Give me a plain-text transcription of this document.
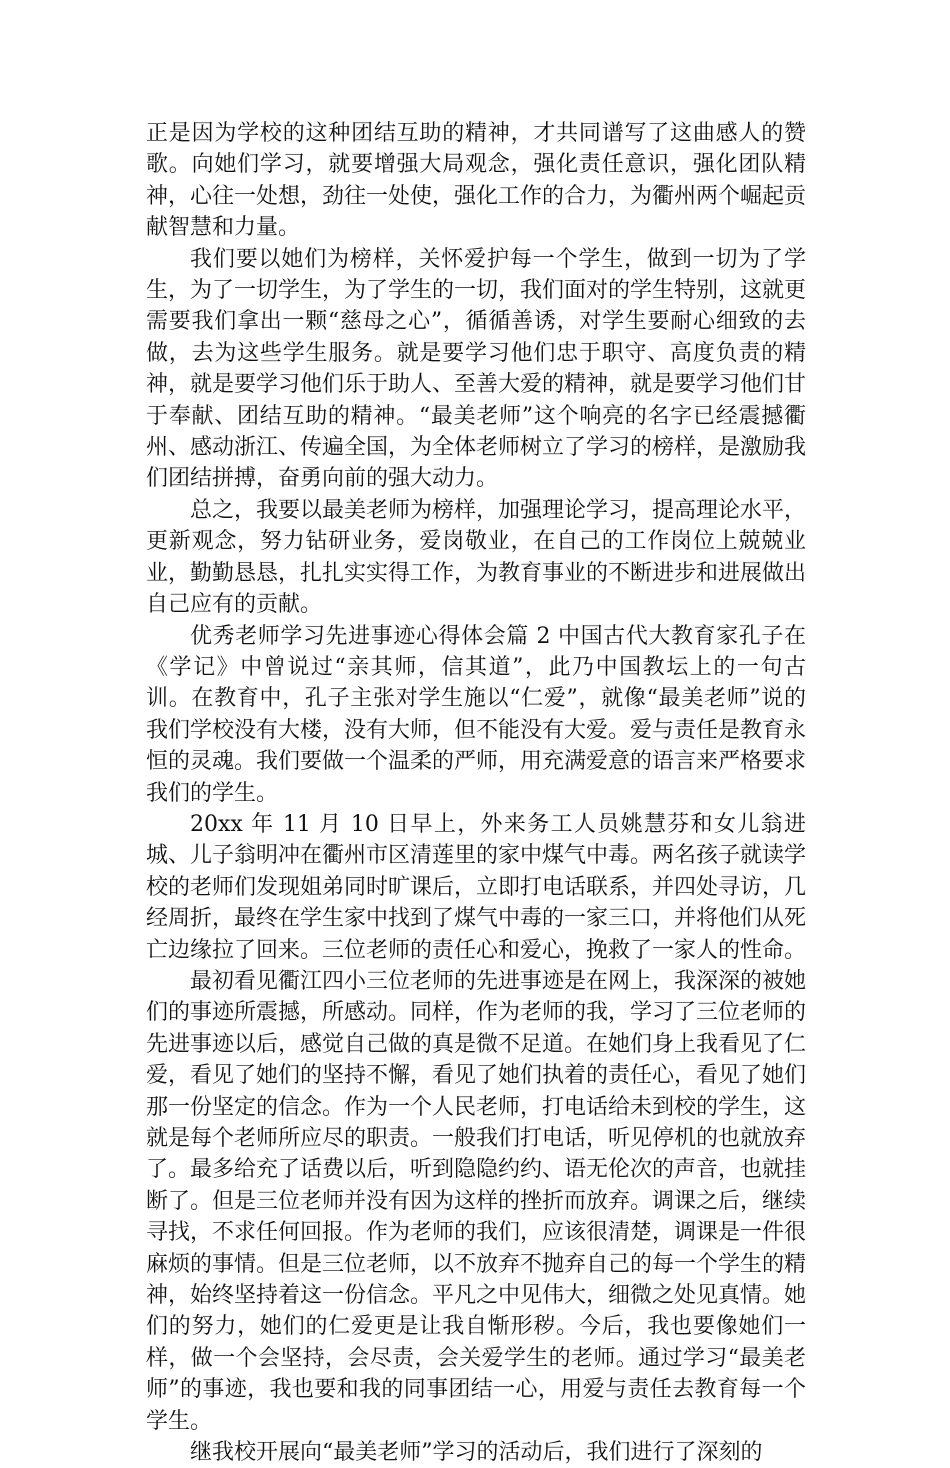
正是因为学校的这种团结互助的精神，才共同谱写了这曲感人的赞歌。向她们学习，就要增强大局观念，强化责任意识，强化团队精神，心往一处想，劲往一处使，强化工作的合力，为衢州两个崛起贡献智慧和力量。

我们要以她们为榜样，关怀爱护每一个学生，做到一切为了学生，为了一切学生，为了学生的一切，我们面对的学生特别，这就更需要我们拿出一颗“慈母之心”，循循善诱，对学生要耐心细致的去做，去为这些学生服务。就是要学习他们忠于职守、高度负责的精神，就是要学习他们乐于助人、至善大爱的精神，就是要学习他们甘于奉献、团结互助的精神。“最美老师”这个响亮的名字已经震撼衢州、感动浙江、传遍全国，为全体老师树立了学习的榜样，是激励我们团结拼搏，奋勇向前的强大动力。

总之，我要以最美老师为榜样，加强理论学习，提高理论水平，更新观念，努力钻研业务，爱岗敬业，在自己的工作岗位上兢兢业业，勤勤恳恳，扎扎实实得工作，为教育事业的不断进步和进展做出自己应有的贡献。

优秀老师学习先进事迹心得体会篇 2 中国古代大教育家孔子在《学记》中曾说过“亲其师，信其道”，此乃中国教坛上的一句古训。在教育中，孔子主张对学生施以“仁爱”，就像“最美老师”说的我们学校没有大楼，没有大师，但不能没有大爱。爱与责任是教育永恒的灵魂。我们要做一个温柔的严师，用充满爱意的语言来严格要求我们的学生。

20xx 年 11 月 10 日早上，外来务工人员姚慧芬和女儿翁进城、儿子翁明冲在衢州市区清莲里的家中煤气中毒。两名孩子就读学校的老师们发现姐弟同时旷课后，立即打电话联系，并四处寻访，几经周折，最终在学生家中找到了煤气中毒的一家三口，并将他们从死亡边缘拉了回来。三位老师的责任心和爱心，挽救了一家人的性命。

最初看见衢江四小三位老师的先进事迹是在网上，我深深的被她们的事迹所震撼，所感动。同样，作为老师的我，学习了三位老师的先进事迹以后，感觉自己做的真是微不足道。在她们身上我看见了仁爱，看见了她们的坚持不懈，看见了她们执着的责任心，看见了她们那一份坚定的信念。作为一个人民老师，打电话给未到校的学生，这就是每个老师所应尽的职责。一般我们打电话，听见停机的也就放弃了。最多给充了话费以后，听到隐隐约约、语无伦次的声音，也就挂断了。但是三位老师并没有因为这样的挫折而放弃。调课之后，继续寻找，不求任何回报。作为老师的我们，应该很清楚，调课是一件很麻烦的事情。但是三位老师，以不放弃不抛弃自己的每一个学生的精神，始终坚持着这一份信念。平凡之中见伟大，细微之处见真情。她们的努力，她们的仁爱更是让我自惭形秽。今后，我也要像她们一样，做一个会坚持，会尽责，会关爱学生的老师。通过学习“最美老师”的事迹，我也要和我的同事团结一心，用爱与责任去教育每一个学生。

继我校开展向“最美老师”学习的活动后，我们进行了深刻的
